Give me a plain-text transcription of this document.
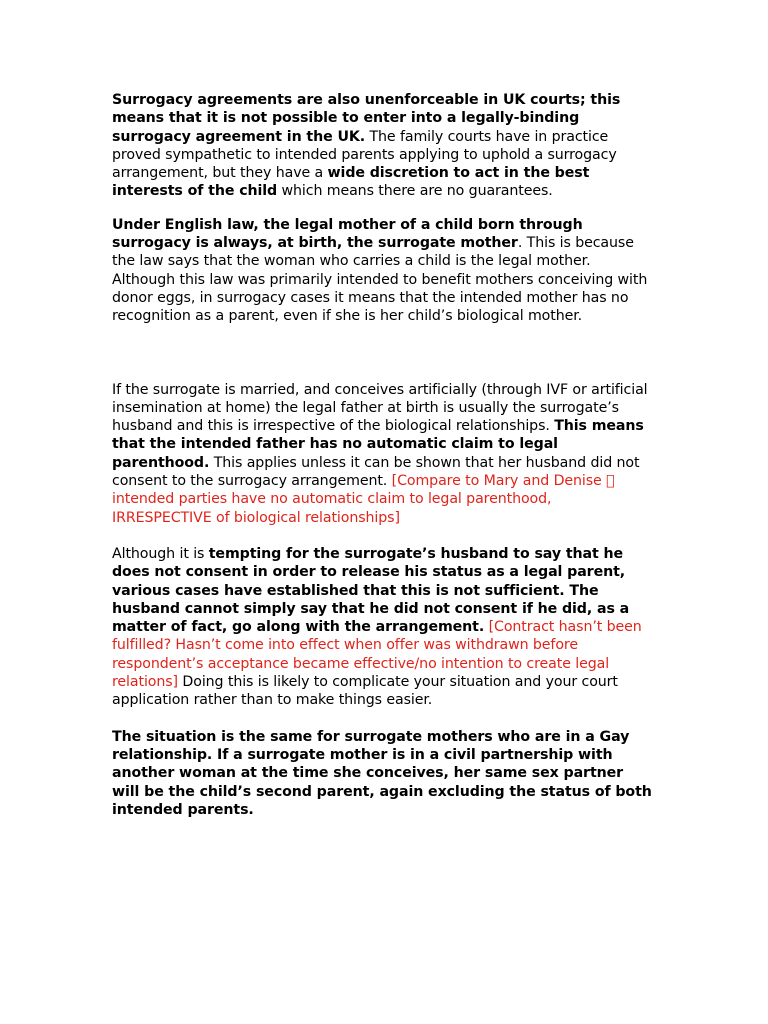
Surrogacy agreements are also unenforceable in UK courts; this means that it is not possible to enter into a legally-binding surrogacy agreement in the UK. The family courts have in practice proved sympathetic to intended parents applying to uphold a surrogacy arrangement, but they have a wide discretion to act in the best interests of the child which means there are no guarantees.

Under English law, the legal mother of a child born through surrogacy is always, at birth, the surrogate mother. This is because the law says that the woman who carries a child is the legal mother. Although this law was primarily intended to benefit mothers conceiving with donor eggs, in surrogacy cases it means that the intended mother has no recognition as a parent, even if she is her child’s biological mother.

If the surrogate is married, and conceives artificially (through IVF or artificial insemination at home) the legal father at birth is usually the surrogate’s husband and this is irrespective of the biological relationships. This means that the intended father has no automatic claim to legal parenthood. This applies unless it can be shown that her husband did not consent to the surrogacy arrangement. [Compare to Mary and Denise intended parties have no automatic claim to legal parenthood, IRRESPECTIVE of biological relationships]

Although it is tempting for the surrogate’s husband to say that he does not consent in order to release his status as a legal parent, various cases have established that this is not sufficient. The husband cannot simply say that he did not consent if he did, as a matter of fact, go along with the arrangement. [Contract hasn’t been fulfilled? Hasn’t come into effect when offer was withdrawn before respondent’s acceptance became effective/no intention to create legal relations] Doing this is likely to complicate your situation and your court application rather than to make things easier.

The situation is the same for surrogate mothers who are in a Gay relationship. If a surrogate mother is in a civil partnership with another woman at the time she conceives, her same sex partner will be the child’s second parent, again excluding the status of both intended parents.
